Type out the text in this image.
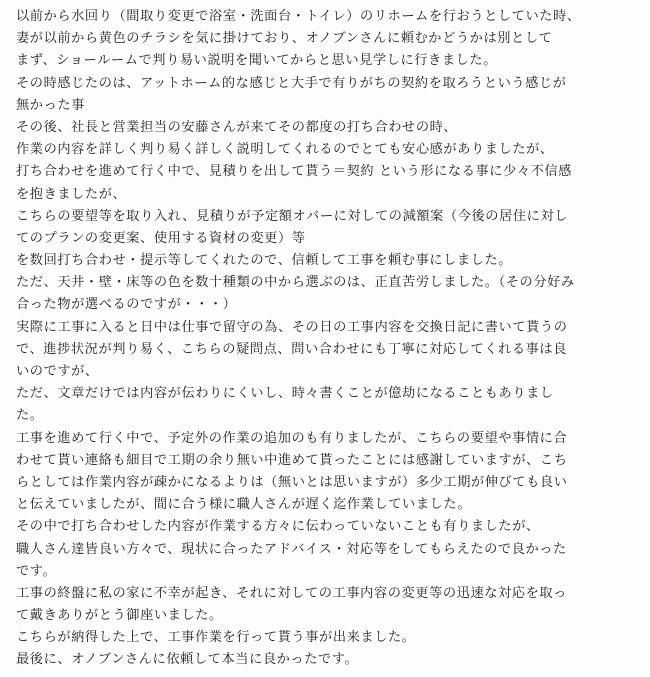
以前から水回り（間取り変更で浴室・洗面台・トイレ）のリホームを行おうとしていた時、
妻が以前から黄色のチラシを気に掛けており、オノブンさんに頼むかどうかは別として
まず、ショールームで判り易い説明を聞いてからと思い見学しに行きました。
その時感じたのは、アットホーム的な感じと大手で有りがちの契約を取ろうという感じが
無かった事
その後、社長と営業担当の安藤さんが来てその都度の打ち合わせの時、
作業の内容を詳しく判り易く詳しく説明してくれるのでとても安心感がありましたが、
打ち合わせを進めて行く中で、見積りを出して貰う＝契約 という形になる事に少々不信感
を抱きましたが、
こちらの要望等を取り入れ、見積りが予定額オバーに対しての減額案（今後の居住に対し
てのプランの変更案、使用する資材の変更）等
を数回打ち合わせ・提示等してくれたので、信頼して工事を頼む事にしました。
ただ、天井・壁・床等の色を数十種類の中から選ぶのは、正直苦労しました。（その分好み
合った物が選べるのですが・・・）
実際に工事に入ると日中は仕事で留守の為、その日の工事内容を交換日記に書いて貰うの
で、進捗状況が判り易く、こちらの疑問点、問い合わせにも丁寧に対応してくれる事は良
いのですが、
ただ、文章だけでは内容が伝わりにくいし、時々書くことが億劫になることもありまし
た。
工事を進めて行く中で、予定外の作業の追加のも有りましたが、こちらの要望や事情に合
わせて貰い連絡も細目で工期の余り無い中進めて貰ったことには感謝していますが、こち
らとしては作業内容が疎かになるよりは（無いとは思いますが）多少工期が伸びても良い
と伝えていましたが、間に合う様に職人さんが遅く迄作業していました。
その中で打ち合わせした内容が作業する方々に伝わっていないことも有りましたが、
職人さん達皆良い方々で、現状に合ったアドバイス・対応等をしてもらえたので良かった
です。
工事の終盤に私の家に不幸が起き、それに対しての工事内容の変更等の迅速な対応を取っ
て戴きありがとう御座いました。
こちらが納得した上で、工事作業を行って貰う事が出来ました。
最後に、オノブンさんに依頼して本当に良かったです。
